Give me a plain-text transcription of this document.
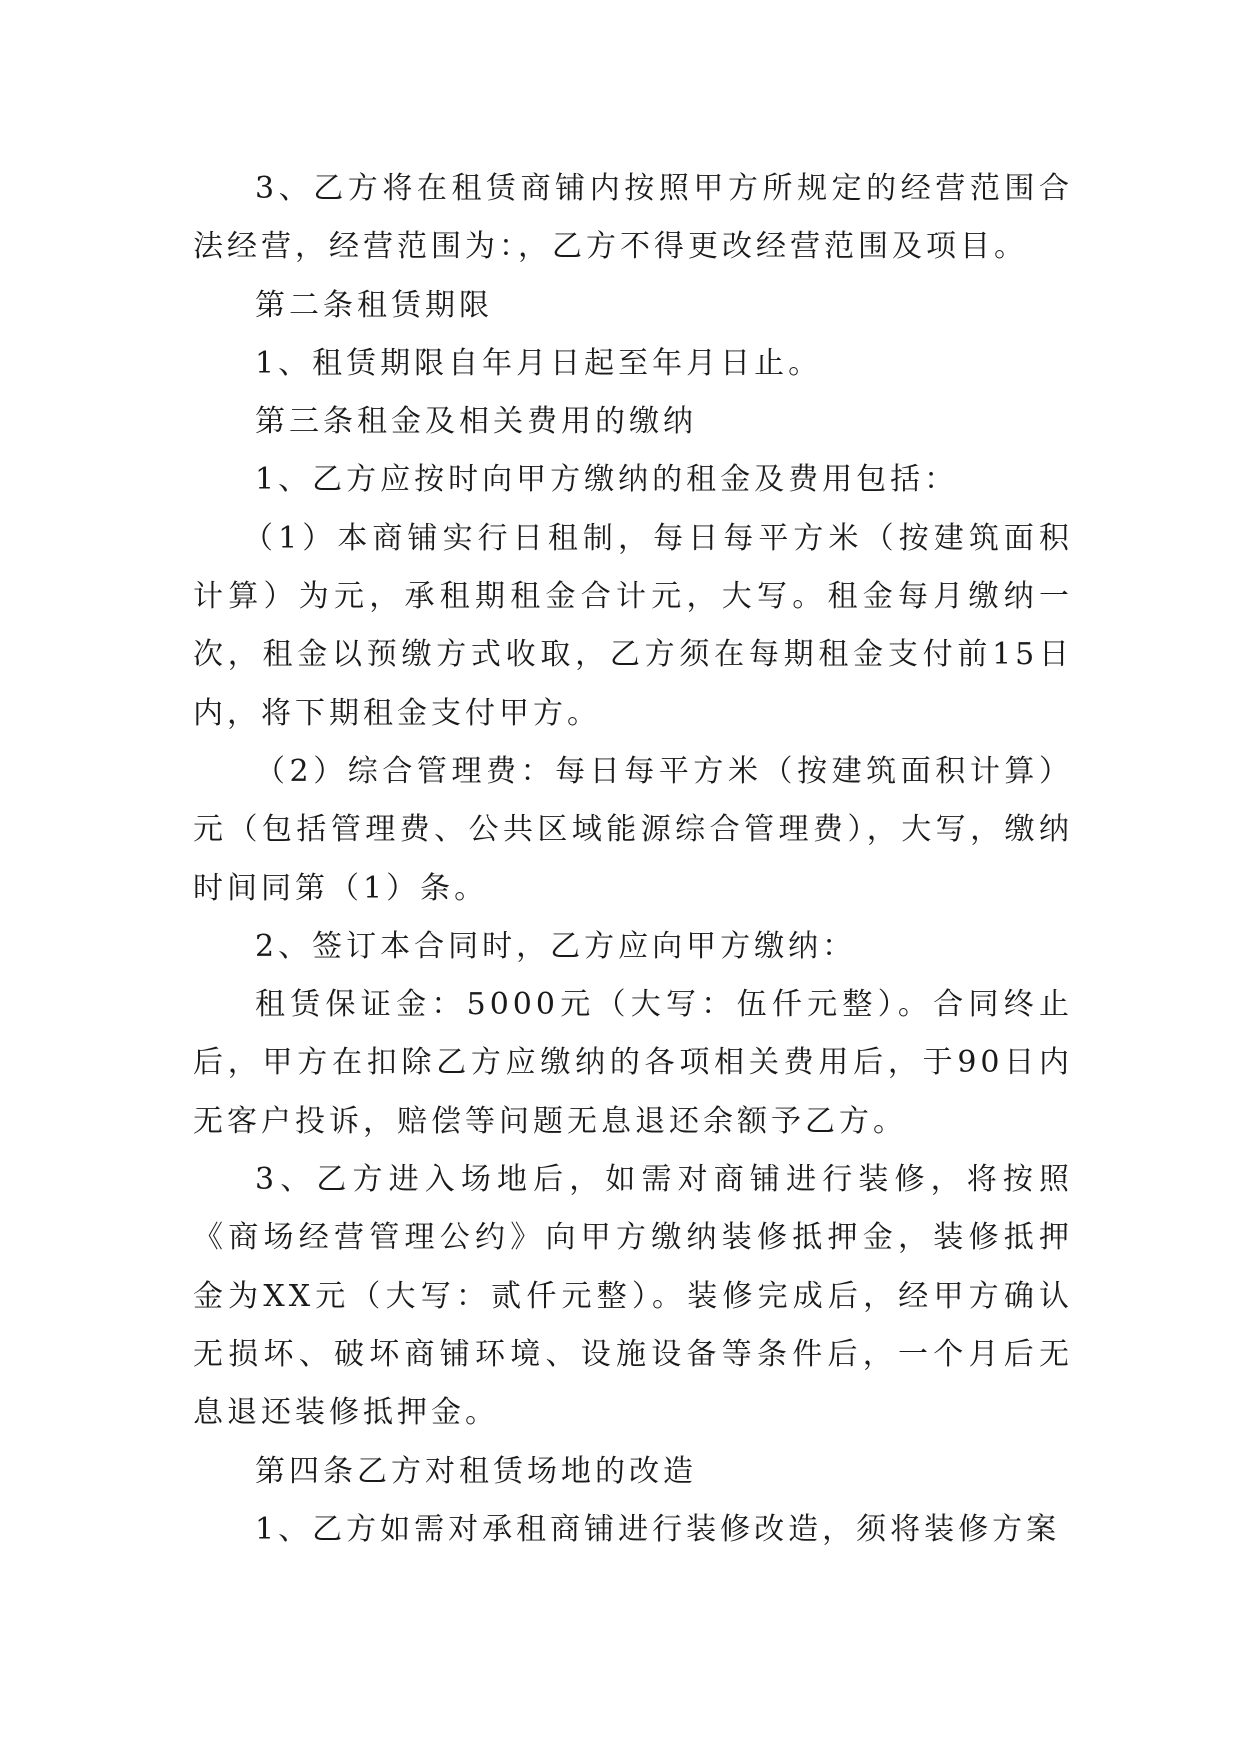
3、乙方将在租赁商铺内按照甲方所规定的经营范围合法经营，经营范围为：，乙方不得更改经营范围及项目。

第二条租赁期限

1、租赁期限自年月日起至年月日止。

第三条租金及相关费用的缴纳

1、乙方应按时向甲方缴纳的租金及费用包括：

（1）本商铺实行日租制，每日每平方米（按建筑面积计算）为元，承租期租金合计元，大写。租金每月缴纳一次，租金以预缴方式收取，乙方须在每期租金支付前15日内，将下期租金支付甲方。

（2）综合管理费：每日每平方米（按建筑面积计算）元（包括管理费、公共区域能源综合管理费），大写，缴纳时间同第（1）条。

2、签订本合同时，乙方应向甲方缴纳：

租赁保证金：5000元（大写：伍仟元整）。合同终止后，甲方在扣除乙方应缴纳的各项相关费用后，于90日内无客户投诉，赔偿等问题无息退还余额予乙方。

3、乙方进入场地后，如需对商铺进行装修，将按照《商场经营管理公约》向甲方缴纳装修抵押金，装修抵押金为XX元（大写：贰仟元整）。装修完成后，经甲方确认无损坏、破坏商铺环境、设施设备等条件后，一个月后无息退还装修抵押金。

第四条乙方对租赁场地的改造

1、乙方如需对承租商铺进行装修改造，须将装修方案
